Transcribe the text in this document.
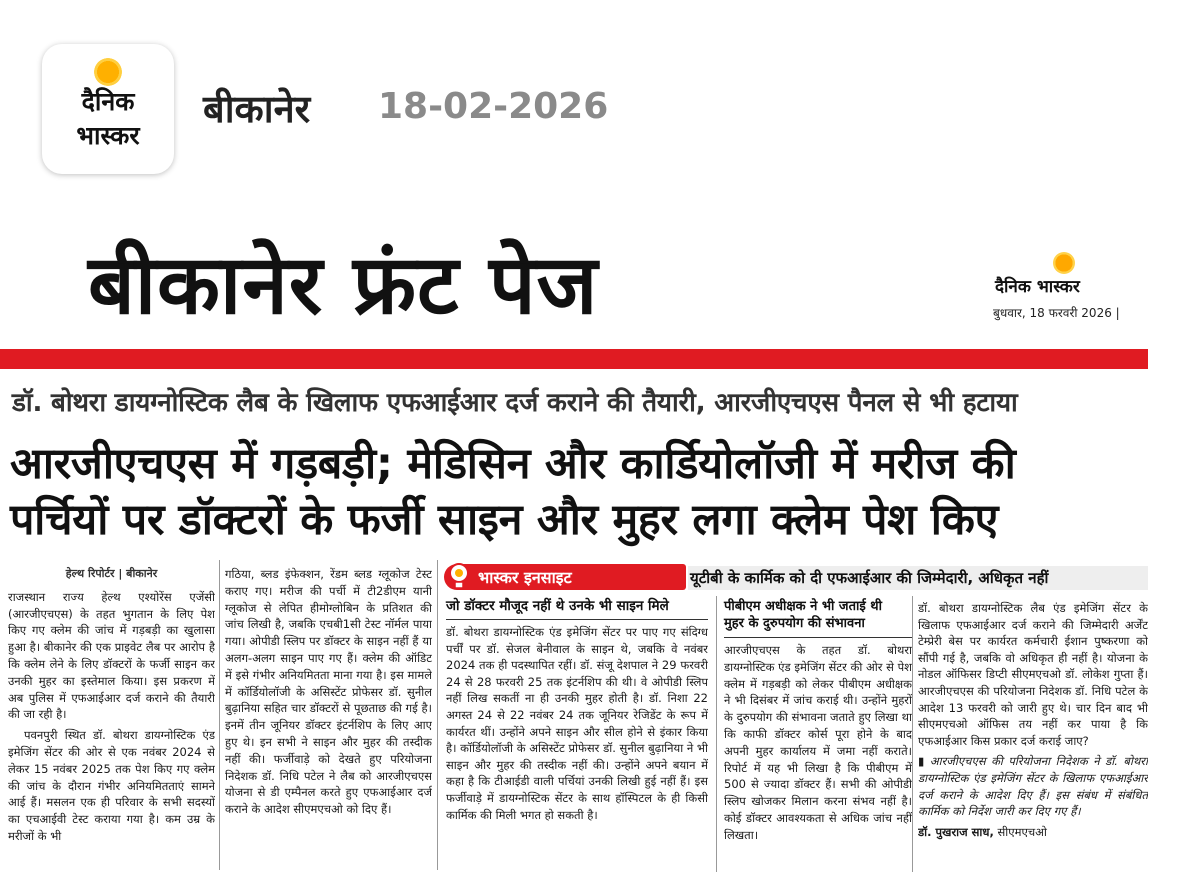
दैनिक
भास्कर
बीकानेर 18-02-2026
बीकानेर फ्रंट पेज	दैनिक भास्कर
बुधवार, 18 फरवरी 2026 |
डॉ. बोथरा डायग्नोस्टिक लैब के खिलाफ एफआईआर दर्ज कराने की तैयारी, आरजीएचएस पैनल से भी हटाया
आरजीएचएस में गड़बड़ी; मेडिसिन और कार्डियोलॉजी में मरीज की
पर्चियों पर डॉक्टरों के फर्जी साइन और मुहर लगा क्लेम पेश किए
हेल्थ रिपोर्टर | बीकानेर

राजस्थान राज्य हेल्थ एश्योरेंस एजेंसी (आरजीएचएस) के तहत भुगतान के लिए पेश किए गए क्लेम की जांच में गड़बड़ी का खुलासा हुआ है। बीकानेर की एक प्राइवेट लैब पर आरोप है कि क्लेम लेने के लिए डॉक्टरों के फर्जी साइन कर उनकी मुहर का इस्तेमाल किया। इस प्रकरण में अब पुलिस में एफआईआर दर्ज कराने की तैयारी की जा रही है।

पवनपुरी स्थित डॉ. बोथरा डायग्नोस्टिक एंड इमेजिंग सेंटर की ओर से एक नवंबर 2024 से लेकर 15 नवंबर 2025 तक पेश किए गए क्लेम की जांच के दौरान गंभीर अनियमितताएं सामने आई हैं। मसलन एक ही परिवार के सभी सदस्यों का एचआईवी टेस्ट कराया गया है। कम उम्र के मरीजों के भी

गठिया, ब्लड इंफेक्शन, रेंडम ब्लड ग्लूकोज टेस्ट कराए गए। मरीज की पर्ची में टी2डीएम यानी ग्लूकोज से लेपित हीमोग्लोबिन के प्रतिशत की जांच लिखी है, जबकि एचबी1सी टेस्ट नॉर्मल पाया गया। ओपीडी स्लिप पर डॉक्टर के साइन नहीं हैं या अलग-अलग साइन पाए गए हैं। क्लेम की ऑडिट में इसे गंभीर अनियमितता माना गया है। इस मामले में कॉर्डियोलॉजी के असिस्टेंट प्रोफेसर डॉ. सुनील बुढ़ानिया सहित चार डॉक्टरों से पूछताछ की गई है। इनमें तीन जूनियर डॉक्टर इंटर्नशिप के लिए आए हुए थे। इन सभी ने साइन और मुहर की तस्दीक नहीं की। फर्जीवाड़े को देखते हुए परियोजना निदेशक डॉ. निधि पटेल ने लैब को आरजीएचएस योजना से डी एम्पैनल करते हुए एफआईआर दर्ज कराने के आदेश सीएमएचओ को दिए हैं।

भास्कर इनसाइट	यूटीबी के कार्मिक को दी एफआईआर की जिम्मेदारी, अधिकृत नहीं
जो डॉक्टर मौजूद नहीं थे उनके भी साइन मिले

डॉ. बोथरा डायग्नोस्टिक एंड इमेजिंग सेंटर पर पाए गए संदिग्ध पर्चीं पर डॉ. सेजल बेनीवाल के साइन थे, जबकि वे नवंबर 2024 तक ही पदस्थापित रहीं। डॉ. संजू देशपाल ने 29 फरवरी 24 से 28 फरवरी 25 तक इंटर्नशिप की थी। वे ओपीडी स्लिप नहीं लिख सकतीं ना ही उनकी मुहर होती है। डॉ. निशा 22 अगस्त 24 से 22 नवंबर 24 तक जूनियर रेजिडेंट के रूप में कार्यरत थीं। उन्होंने अपने साइन और सील होने से इंकार किया है। कॉर्डियोलॉजी के असिस्टेंट प्रोफेसर डॉ. सुनील बुढ़ानिया ने भी साइन और मुहर की तस्दीक नहीं की। उन्होंने अपने बयान में कहा है कि टीआईडी वाली पर्चियां उनकी लिखी हुई नहीं हैं। इस फर्जीवाड़े में डायग्नोस्टिक सेंटर के साथ हॉस्पिटल के ही किसी कार्मिक की मिली भगत हो सकती है।

पीबीएम अधीक्षक ने भी जताई थी
मुहर के दुरुपयोग की संभावना

आरजीएचएस के तहत डॉ. बोथरा डायग्नोस्टिक एंड इमेजिंग सेंटर की ओर से पेश क्लेम में गड़बड़ी को लेकर पीबीएम अधीक्षक ने भी दिसंबर में जांच कराई थी। उन्होंने मुहरों के दुरुपयोग की संभावना जताते हुए लिखा था कि काफी डॉक्टर कोर्स पूरा होने के बाद अपनी मुहर कार्यालय में जमा नहीं कराते। रिपोर्ट में यह भी लिखा है कि पीबीएम में 500 से ज्यादा डॉक्टर हैं। सभी की ओपीडी स्लिप खोजकर मिलान करना संभव नहीं है। कोई डॉक्टर आवश्यकता से अधिक जांच नहीं लिखता।

डॉ. बोथरा डायग्नोस्टिक लैब एंड इमेजिंग सेंटर के खिलाफ एफआईआर दर्ज कराने की जिम्मेदारी अर्जेंट टेम्प्रेरी बेस पर कार्यरत कर्मचारी ईशान पुष्करणा को सौंपी गई है, जबकि वो अधिकृत ही नहीं है। योजना के नोडल ऑफिसर डिप्टी सीएमएचओ डॉ. लोकेश गुप्ता हैं। आरजीएचएस की परियोजना निदेशक डॉ. निधि पटेल के आदेश 13 फरवरी को जारी हुए थे। चार दिन बाद भी सीएमएचओ ऑफिस तय नहीं कर पाया है कि एफआईआर किस प्रकार दर्ज कराई जाए?

▮ आरजीएचएस की परियोजना निदेशक ने डॉ. बोथरा डायग्नोस्टिक एंड इमेजिंग सेंटर के खिलाफ एफआईआर दर्ज कराने के आदेश दिए हैं। इस संबंध में संबंधित कार्मिक को निर्देश जारी कर दिए गए हैं।

डॉ. पुखराज साध, सीएमएचओ
